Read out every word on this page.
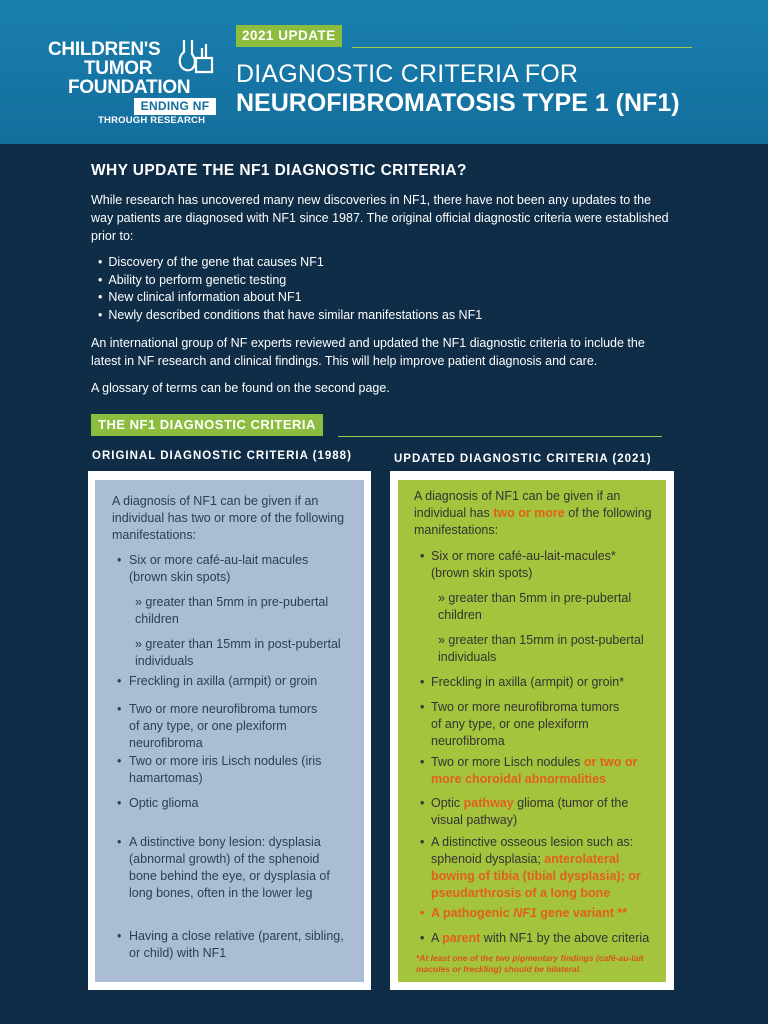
CHILDREN'S
TUMOR
FOUNDATION
ENDING NF
THROUGH RESEARCH
2021 UPDATE
DIAGNOSTIC CRITERIA FOR
NEUROFIBROMATOSIS TYPE 1 (NF1)
WHY UPDATE THE NF1 DIAGNOSTIC CRITERIA?
While research has uncovered many new discoveries in NF1, there have not been any updates to the way patients are diagnosed with NF1 since 1987. The original official diagnostic criteria were established prior to:
• Discovery of the gene that causes NF1
• Ability to perform genetic testing
• New clinical information about NF1
• Newly described conditions that have similar manifestations as NF1
An international group of NF experts reviewed and updated the NF1 diagnostic criteria to include the latest in NF research and clinical findings. This will help improve patient diagnosis and care.
A glossary of terms can be found on the second page.
THE NF1 DIAGNOSTIC CRITERIA
ORIGINAL DIAGNOSTIC CRITERIA (1988)	UPDATED DIAGNOSTIC CRITERIA (2021)
A diagnosis of NF1 can be given if an individual has two or more of the following manifestations:
• Six or more café-au-lait macules (brown skin spots)
» greater than 5mm in pre-pubertal children
» greater than 15mm in post-pubertal individuals
• Freckling in axilla (armpit) or groin
• Two or more neurofibroma tumors of any type, or one plexiform neurofibroma
• Two or more iris Lisch nodules (iris hamartomas)
• Optic glioma
• A distinctive bony lesion: dysplasia (abnormal growth) of the sphenoid bone behind the eye, or dysplasia of long bones, often in the lower leg
• Having a close relative (parent, sibling, or child) with NF1
A diagnosis of NF1 can be given if an individual has two or more of the following manifestations:
• Six or more café-au-lait-macules* (brown skin spots)
» greater than 5mm in pre-pubertal children
» greater than 15mm in post-pubertal individuals
• Freckling in axilla (armpit) or groin*
• Two or more neurofibroma tumors of any type, or one plexiform neurofibroma
• Two or more Lisch nodules or two or more choroidal abnormalities
• Optic pathway glioma (tumor of the visual pathway)
• A distinctive osseous lesion such as: sphenoid dysplasia; anterolateral bowing of tibia (tibial dysplasia); or pseudarthrosis of a long bone
• A pathogenic NF1 gene variant **
• A parent with NF1 by the above criteria
*At least one of the two pigmentary findings (café-au-lait macules or freckling) should be bilateral.
